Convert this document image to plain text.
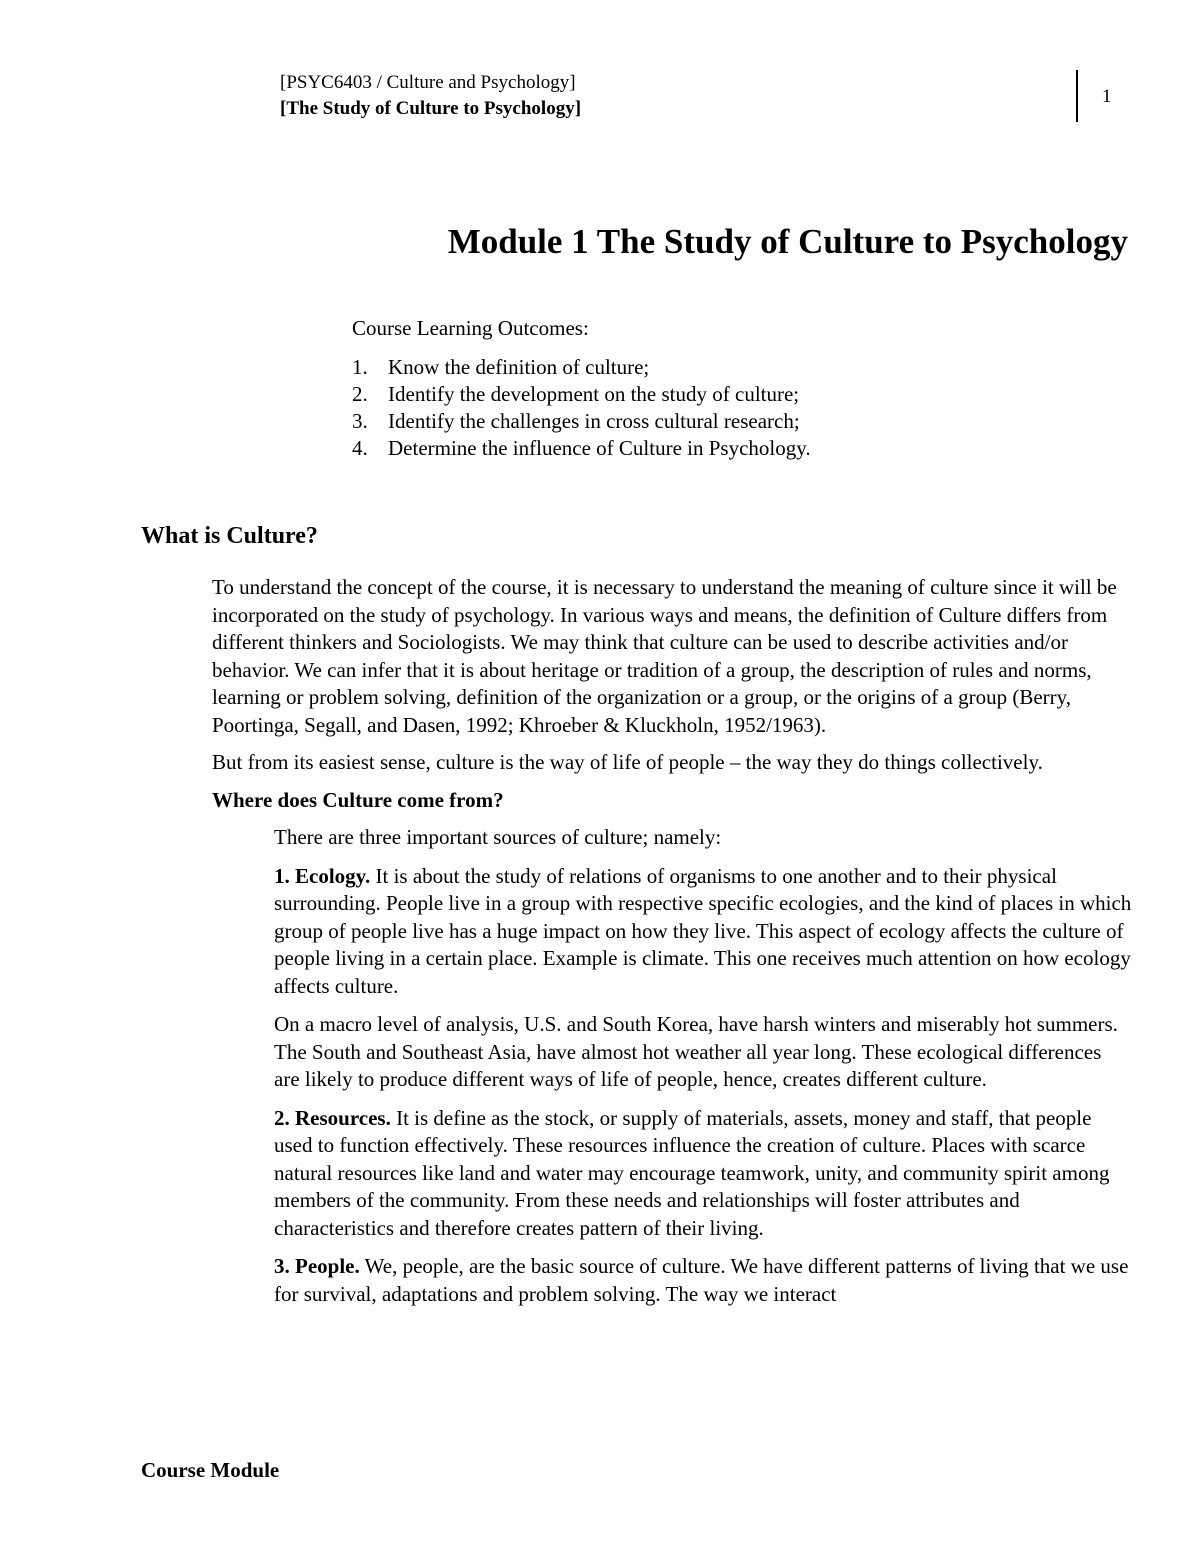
[PSYC6403 / Culture and Psychology]
[The Study of Culture to Psychology]
1
Module 1 The Study of Culture to Psychology

Course Learning Outcomes:

1. Know the definition of culture;
2. Identify the development on the study of culture;
3. Identify the challenges in cross cultural research;
4. Determine the influence of Culture in Psychology.
What is Culture?

To understand the concept of the course, it is necessary to understand the meaning of culture since it will be incorporated on the study of psychology. In various ways and means, the definition of Culture differs from different thinkers and Sociologists. We may think that culture can be used to describe activities and/or behavior. We can infer that it is about heritage or tradition of a group, the description of rules and norms, learning or problem solving, definition of the organization or a group, or the origins of a group (Berry, Poortinga, Segall, and Dasen, 1992; Khroeber & Kluckholn, 1952/1963).

But from its easiest sense, culture is the way of life of people – the way they do things collectively.

Where does Culture come from?

There are three important sources of culture; namely:

1. Ecology. It is about the study of relations of organisms to one another and to their physical surrounding. People live in a group with respective specific ecologies, and the kind of places in which group of people live has a huge impact on how they live. This aspect of ecology affects the culture of people living in a certain place. Example is climate. This one receives much attention on how ecology affects culture.

On a macro level of analysis, U.S. and South Korea, have harsh winters and miserably hot summers. The South and Southeast Asia, have almost hot weather all year long. These ecological differences are likely to produce different ways of life of people, hence, creates different culture.

2. Resources. It is define as the stock, or supply of materials, assets, money and staff, that people used to function effectively. These resources influence the creation of culture. Places with scarce natural resources like land and water may encourage teamwork, unity, and community spirit among members of the community. From these needs and relationships will foster attributes and characteristics and therefore creates pattern of their living.

3. People. We, people, are the basic source of culture. We have different patterns of living that we use for survival, adaptations and problem solving. The way we interact

Course Module
